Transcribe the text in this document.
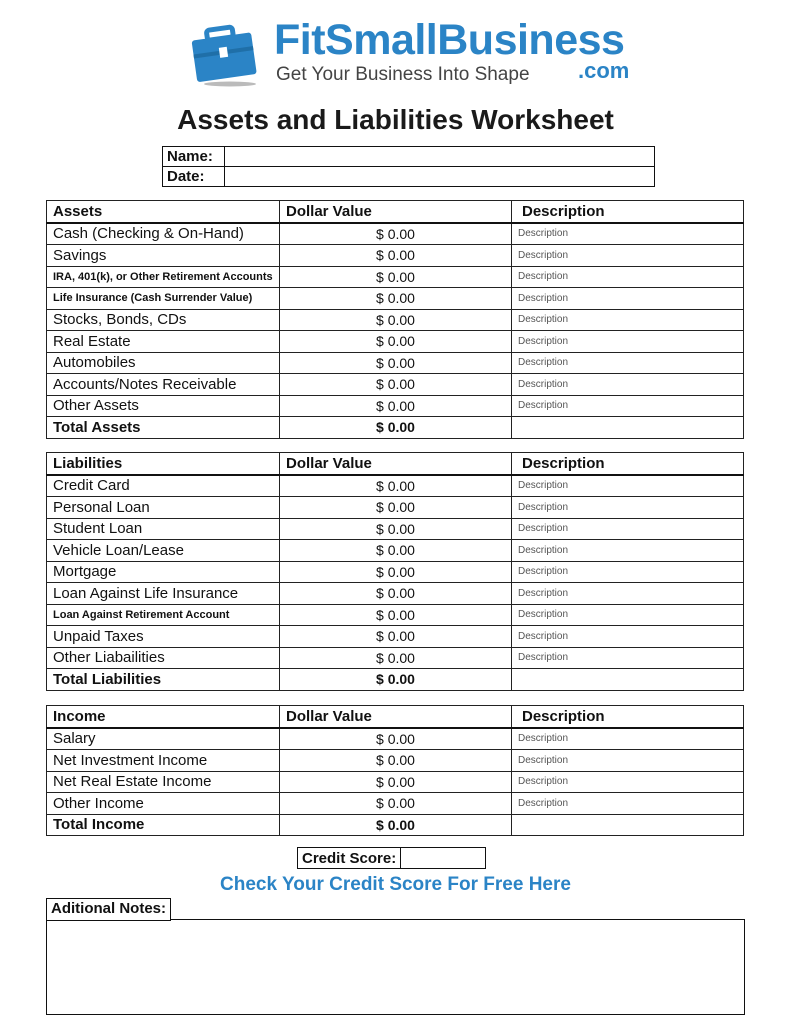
FitSmallBusiness
Get Your Business Into Shape .com
Assets and Liabilities Worksheet
Name:	
Date:	
Assets	Dollar Value	Description
Cash (Checking & On-Hand)	$ 0.00	Description
Savings	$ 0.00	Description
IRA, 401(k), or Other Retirement Accounts	$ 0.00	Description
Life Insurance (Cash Surrender Value)	$ 0.00	Description
Stocks, Bonds, CDs	$ 0.00	Description
Real Estate	$ 0.00	Description
Automobiles	$ 0.00	Description
Accounts/Notes Receivable	$ 0.00	Description
Other Assets	$ 0.00	Description
Total Assets	$ 0.00	
Liabilities	Dollar Value	Description
Credit Card	$ 0.00	Description
Personal Loan	$ 0.00	Description
Student Loan	$ 0.00	Description
Vehicle Loan/Lease	$ 0.00	Description
Mortgage	$ 0.00	Description
Loan Against Life Insurance	$ 0.00	Description
Loan Against Retirement Account	$ 0.00	Description
Unpaid Taxes	$ 0.00	Description
Other Liabailities	$ 0.00	Description
Total Liabilities	$ 0.00	
Income	Dollar Value	Description
Salary	$ 0.00	Description
Net Investment Income	$ 0.00	Description
Net Real Estate Income	$ 0.00	Description
Other Income	$ 0.00	Description
Total Income	$ 0.00	
Credit Score:	
Check Your Credit Score For Free Here
Aditional Notes:
